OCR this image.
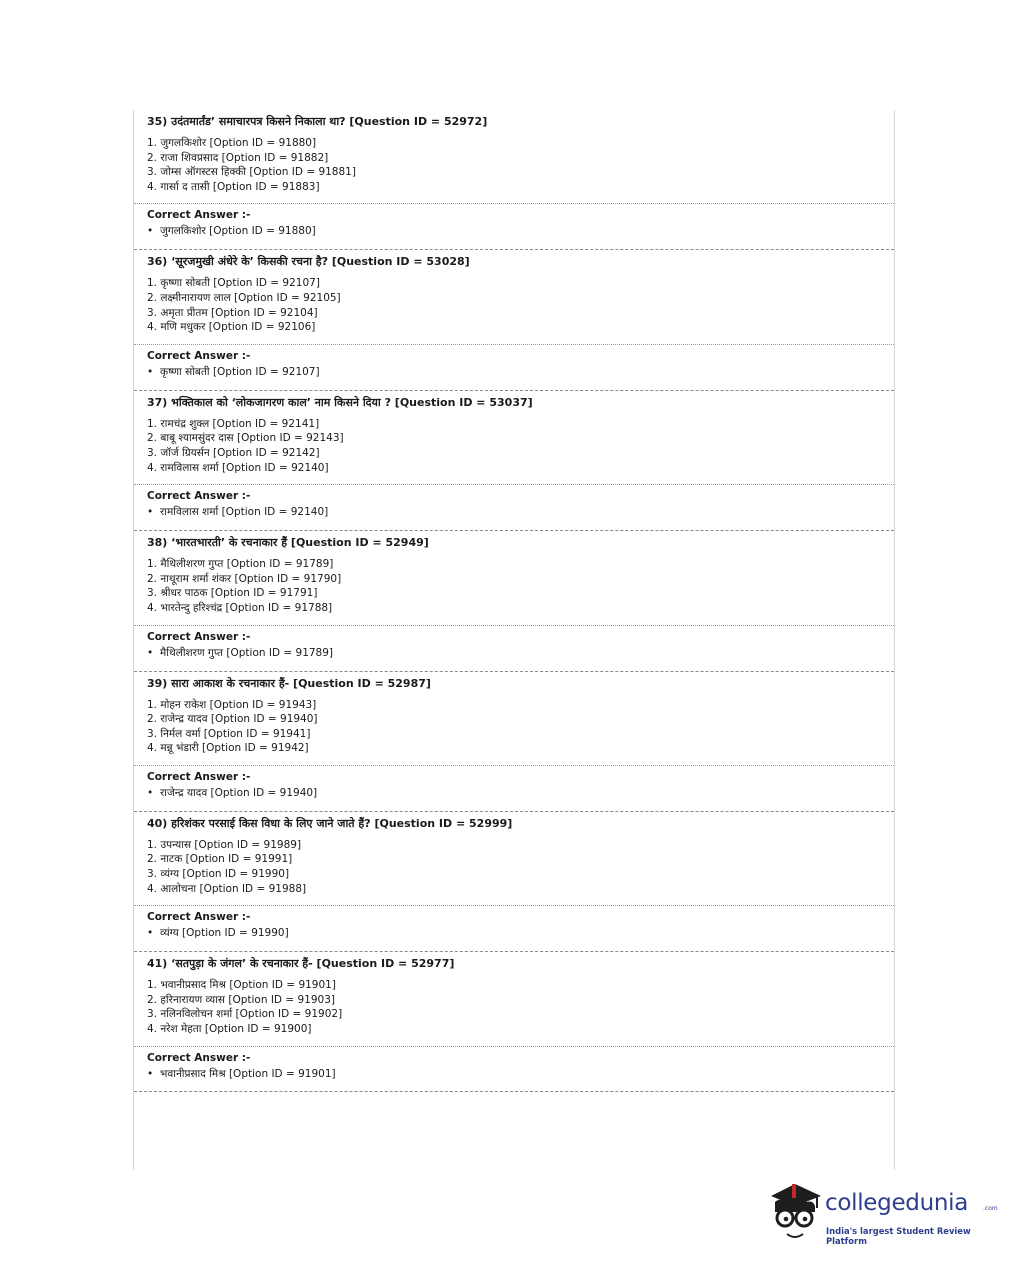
35) उदंतमार्तंड’ समाचारपत्र किसने निकाला था? [Question ID = 52972]

1. जुगलकिशोर [Option ID = 91880]
2. राजा शिवप्रसाद [Option ID = 91882]
3. जोम्स ऑगस्टस हिक्की [Option ID = 91881]
4. गार्सा द तासी [Option ID = 91883]
Correct Answer :-
• जुगलकिशोर [Option ID = 91880]

36) ‘सूरजमुखी अंधेरे के’ किसकी रचना है? [Question ID = 53028]

1. कृष्णा सोबती [Option ID = 92107]
2. लक्ष्मीनारायण लाल [Option ID = 92105]
3. अमृता प्रीतम [Option ID = 92104]
4. मणि मधुकर [Option ID = 92106]
Correct Answer :-
• कृष्णा सोबती [Option ID = 92107]

37) भक्तिकाल को ‘लोकजागरण काल’ नाम किसने दिया ? [Question ID = 53037]

1. रामचंद्र शुक्ल [Option ID = 92141]
2. बाबू श्यामसुंदर दास [Option ID = 92143]
3. जॉर्ज ग्रियर्सन [Option ID = 92142]
4. रामविलास शर्मा [Option ID = 92140]
Correct Answer :-
• रामविलास शर्मा [Option ID = 92140]

38) ‘भारतभारती’ के रचनाकार हैं [Question ID = 52949]

1. मैथिलीशरण गुप्त [Option ID = 91789]
2. नाथूराम शर्मा शंकर [Option ID = 91790]
3. श्रीधर पाठक [Option ID = 91791]
4. भारतेन्दु हरिश्चंद्र [Option ID = 91788]
Correct Answer :-
• मैथिलीशरण गुप्त [Option ID = 91789]

39) सारा आकाश के रचनाकार हैं- [Question ID = 52987]

1. मोहन राकेश [Option ID = 91943]
2. राजेन्द्र यादव [Option ID = 91940]
3. निर्मल वर्मा [Option ID = 91941]
4. मन्नू भंडारी [Option ID = 91942]
Correct Answer :-
• राजेन्द्र यादव [Option ID = 91940]

40) हरिशंकर परसाई किस विधा के लिए जाने जाते हैं? [Question ID = 52999]

1. उपन्यास [Option ID = 91989]
2. नाटक [Option ID = 91991]
3. व्यंग्य [Option ID = 91990]
4. आलोचना [Option ID = 91988]
Correct Answer :-
• व्यंग्य [Option ID = 91990]

41) ‘सतपुड़ा के जंगल’ के रचनाकार हैं- [Question ID = 52977]

1. भवानीप्रसाद मिश्र [Option ID = 91901]
2. हरिनारायण व्यास [Option ID = 91903]
3. नलिनविलोचन शर्मा [Option ID = 91902]
4. नरेश मेहता [Option ID = 91900]
Correct Answer :-
• भवानीप्रसाद मिश्र [Option ID = 91901]
collegedunia .com
India's largest Student Review Platform
